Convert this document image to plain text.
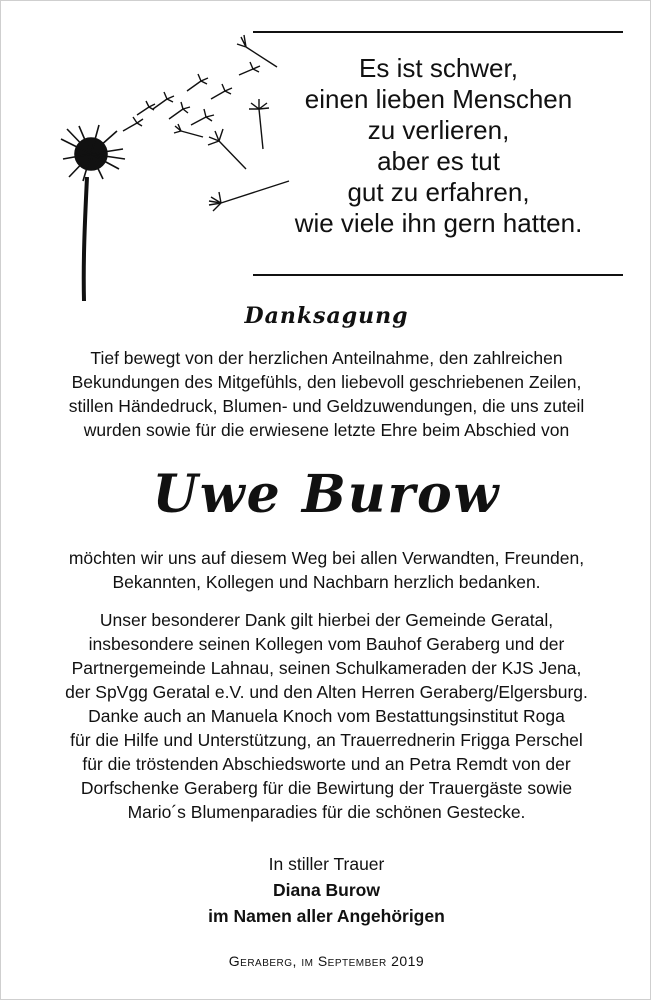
Es ist schwer,
einen lieben Menschen
zu verlieren,
aber es tut
gut zu erfahren,
wie viele ihn gern hatten.
Danksagung
Tief bewegt von der herzlichen Anteilnahme, den zahlreichen
Bekundungen des Mitgefühls, den liebevoll geschriebenen Zeilen,
stillen Händedruck, Blumen- und Geldzuwendungen, die uns zuteil
wurden sowie für die erwiesene letzte Ehre beim Abschied von
Uwe Burow
möchten wir uns auf diesem Weg bei allen Verwandten, Freunden,
Bekannten, Kollegen und Nachbarn herzlich bedanken.
Unser besonderer Dank gilt hierbei der Gemeinde Geratal,
insbesondere seinen Kollegen vom Bauhof Geraberg und der
Partnergemeinde Lahnau, seinen Schulkameraden der KJS Jena,
der SpVgg Geratal e.V. und den Alten Herren Geraberg/Elgersburg.
Danke auch an Manuela Knoch vom Bestattungsinstitut Roga
für die Hilfe und Unterstützung, an Trauerrednerin Frigga Perschel
für die tröstenden Abschiedsworte und an Petra Remdt von der
Dorfschenke Geraberg für die Bewirtung der Trauergäste sowie
Mario´s Blumenparadies für die schönen Gestecke.
In stiller Trauer
Diana Burow
im Namen aller Angehörigen
Geraberg, im September 2019
